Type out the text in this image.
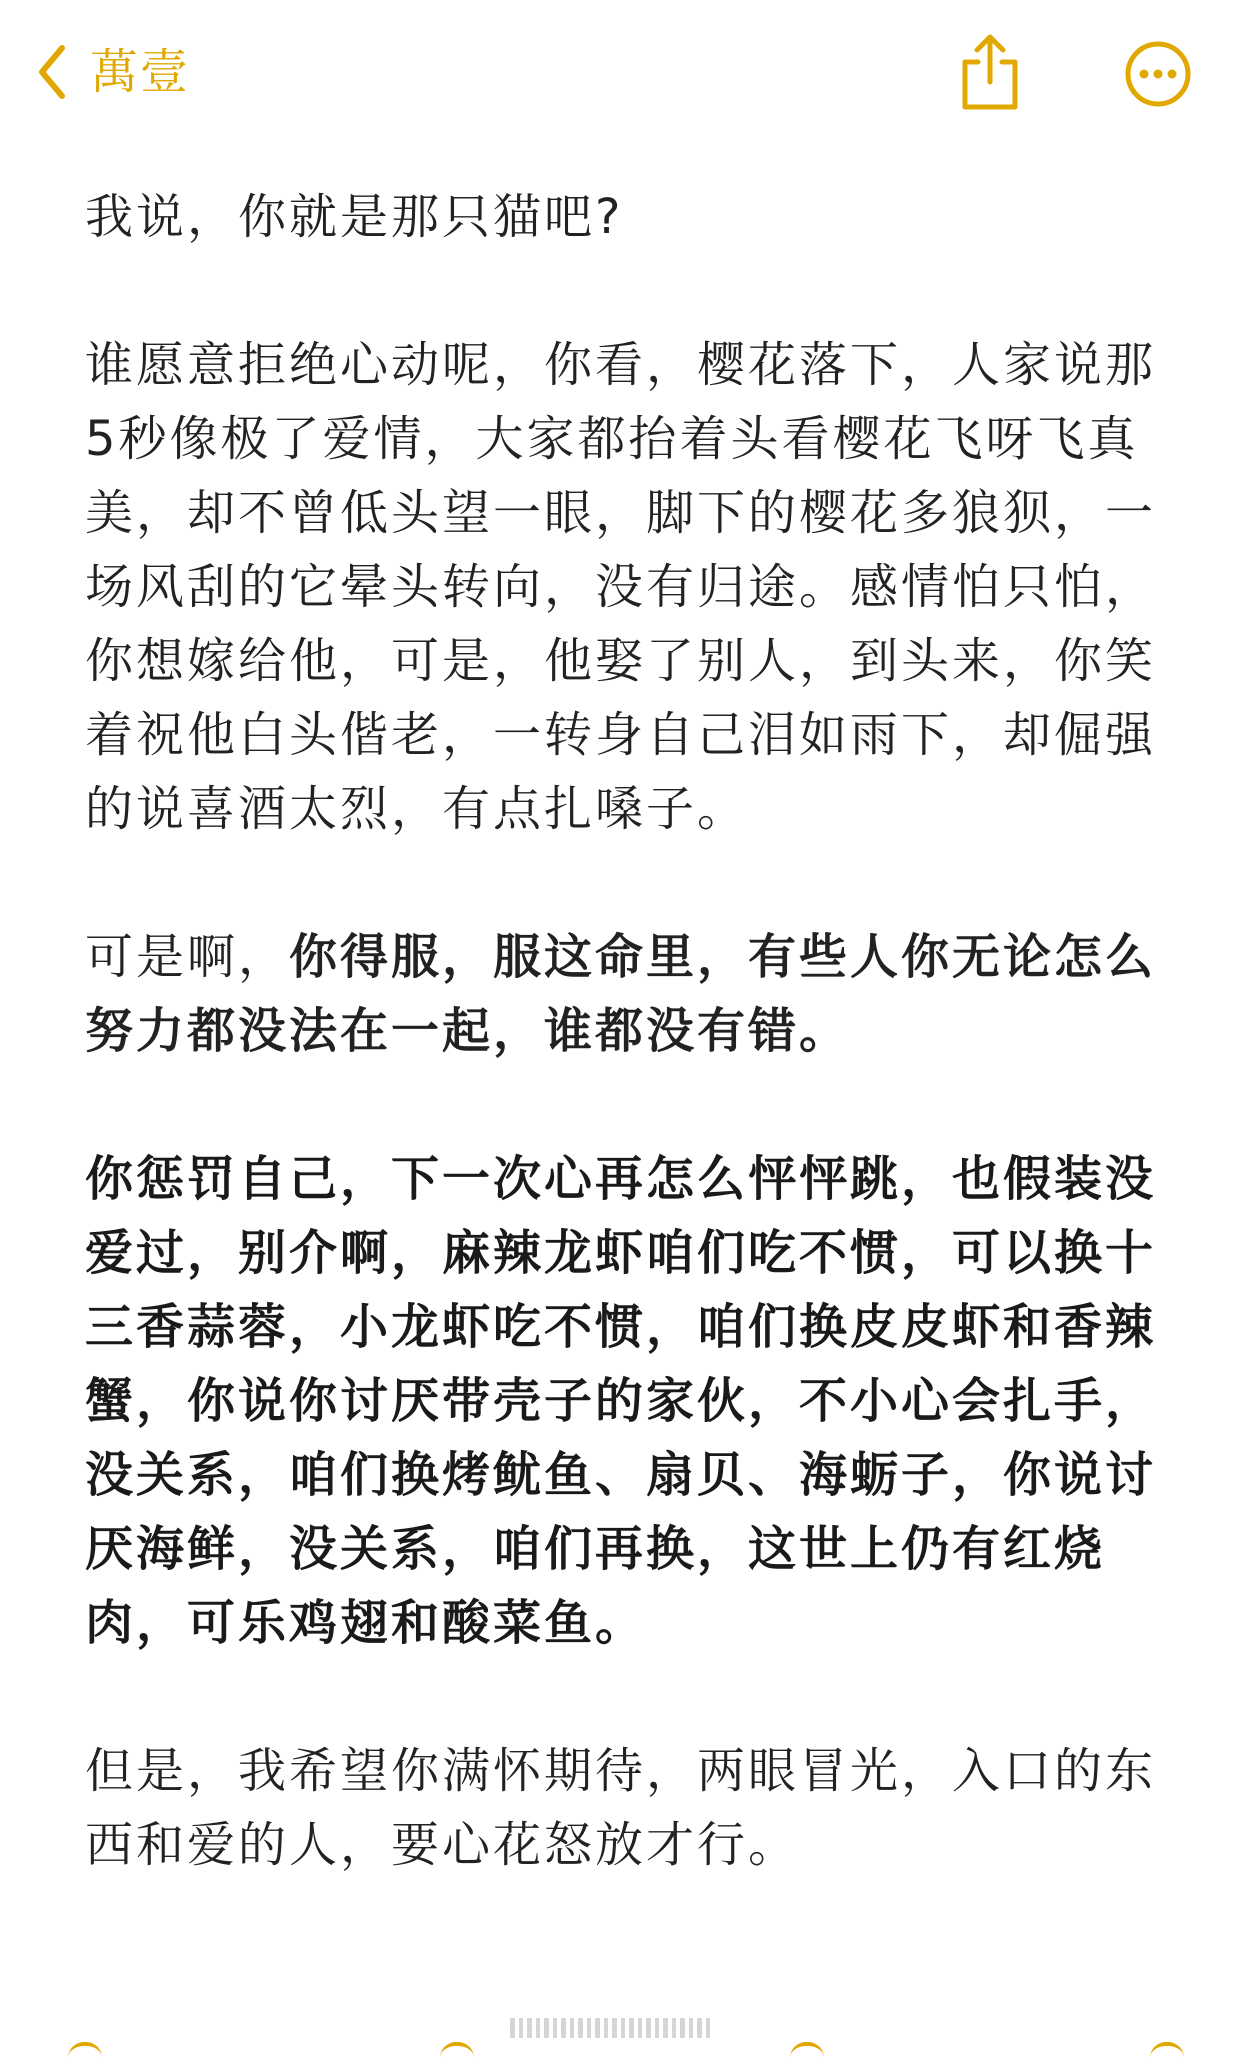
萬壹

我说，你就是那只猫吧?

谁愿意拒绝心动呢，你看，樱花落下，人家说那5秒像极了爱情，大家都抬着头看樱花飞呀飞真美，却不曾低头望一眼，脚下的樱花多狼狈，一场风刮的它晕头转向，没有归途。感情怕只怕，你想嫁给他，可是，他娶了别人，到头来，你笑着祝他白头偕老，一转身自己泪如雨下，却倔强的说喜酒太烈，有点扎嗓子。

可是啊，你得服，服这命里，有些人你无论怎么努力都没法在一起，谁都没有错。

你惩罚自己，下一次心再怎么怦怦跳，也假装没爱过，别介啊，麻辣龙虾咱们吃不惯，可以换十三香蒜蓉，小龙虾吃不惯，咱们换皮皮虾和香辣蟹，你说你讨厌带壳子的家伙，不小心会扎手，没关系，咱们换烤鱿鱼、扇贝、海蛎子，你说讨厌海鲜，没关系，咱们再换，这世上仍有红烧肉，可乐鸡翅和酸菜鱼。

但是，我希望你满怀期待，两眼冒光，入口的东西和爱的人，要心花怒放才行。
